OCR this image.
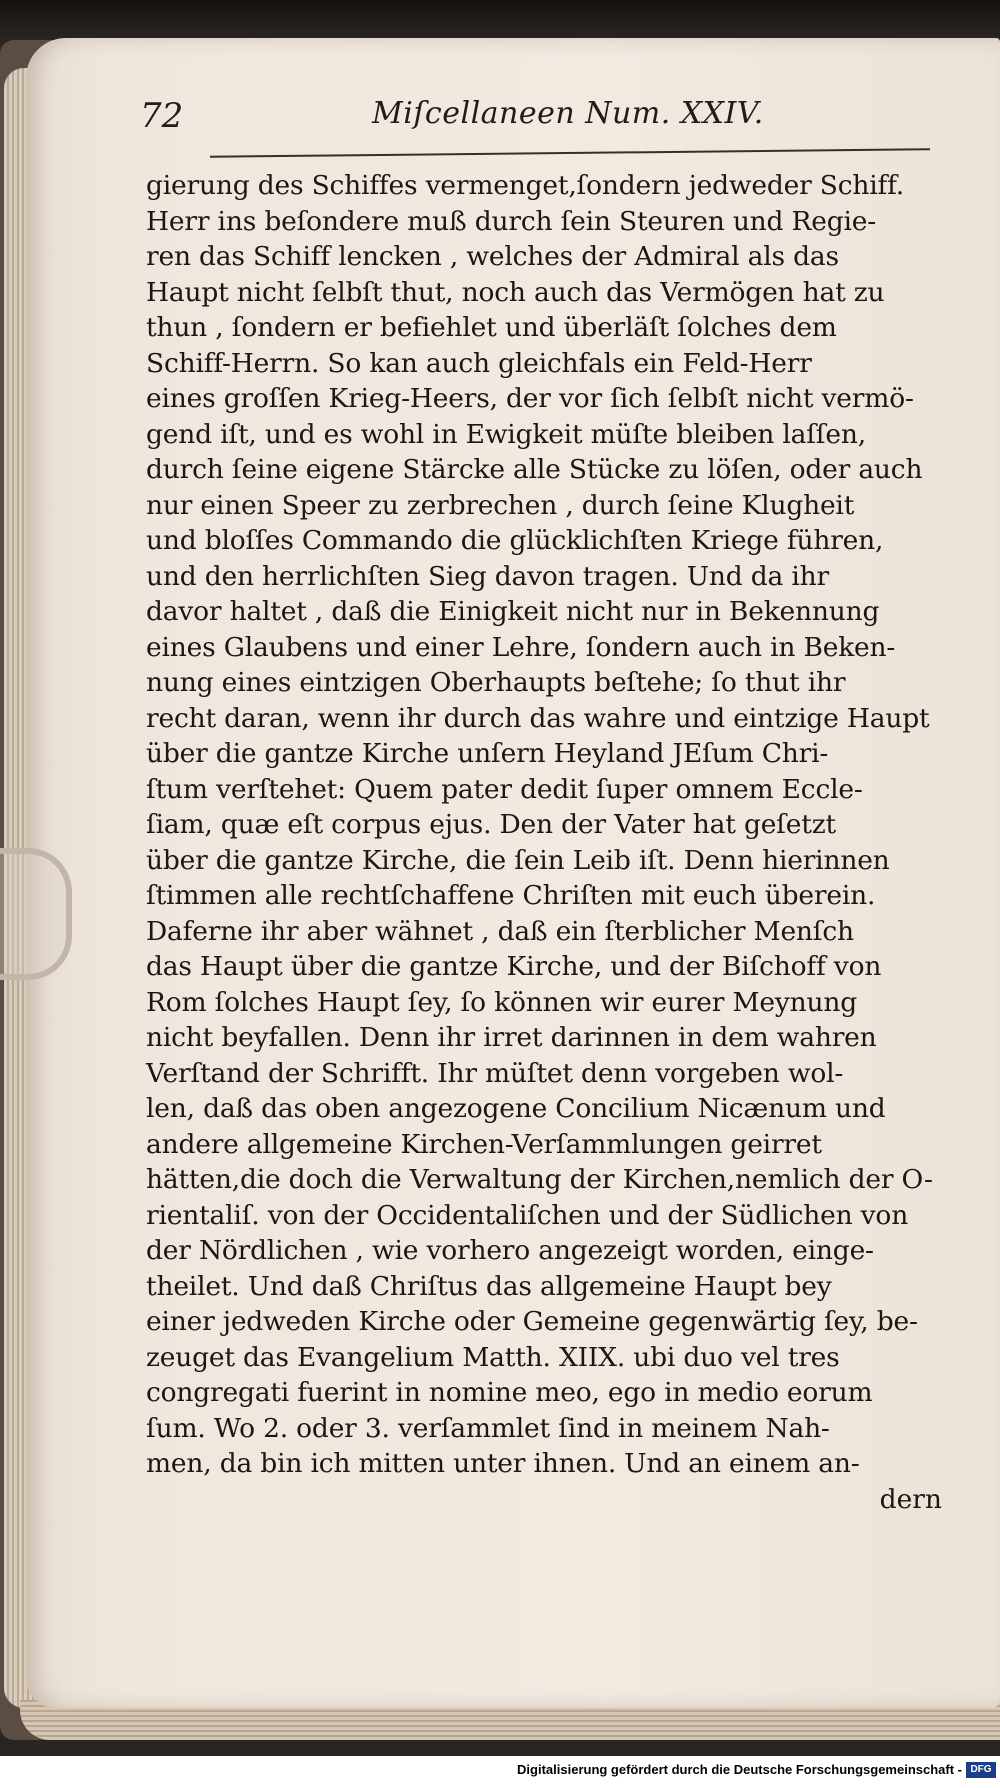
72	Miſcellaneen Num. XXIV.
gierung des Schiffes vermenget,ſondern jedweder Schiff.
Herr ins beſondere muß durch ſein Steuren und Regie-
ren das Schiff lencken , welches der Admiral als das
Haupt nicht ſelbſt thut, noch auch das Vermögen hat zu
thun , ſondern er befiehlet und überläſt ſolches dem
Schiff-Herrn. So kan auch gleichfals ein Feld-Herr
eines groſſen Krieg-Heers, der vor ſich ſelbſt nicht vermö-
gend iſt, und es wohl in Ewigkeit müſte bleiben laſſen,
durch ſeine eigene Stärcke alle Stücke zu löſen, oder auch
nur einen Speer zu zerbrechen , durch ſeine Klugheit
und bloſſes Commando die glücklichſten Kriege führen,
und den herrlichſten Sieg davon tragen. Und da ihr
davor haltet , daß die Einigkeit nicht nur in Bekennung
eines Glaubens und einer Lehre, ſondern auch in Beken-
nung eines eintzigen Oberhaupts beſtehe; ſo thut ihr
recht daran, wenn ihr durch das wahre und eintzige Haupt
über die gantze Kirche unſern Heyland JEſum Chri-
ſtum verſtehet: Quem pater dedit ſuper omnem Eccle-
ſiam, quæ eſt corpus ejus. Den der Vater hat geſetzt
über die gantze Kirche, die ſein Leib iſt. Denn hierinnen
ſtimmen alle rechtſchaffene Chriſten mit euch überein.
Daferne ihr aber wähnet , daß ein ſterblicher Menſch
das Haupt über die gantze Kirche, und der Biſchoff von
Rom ſolches Haupt ſey, ſo können wir eurer Meynung
nicht beyfallen. Denn ihr irret darinnen in dem wahren
Verſtand der Schrifft. Ihr müſtet denn vorgeben wol-
len, daß das oben angezogene Concilium Nicænum und
andere allgemeine Kirchen-Verſammlungen geirret
hätten,die doch die Verwaltung der Kirchen,nemlich der O-
rientaliſ. von der Occidentaliſchen und der Südlichen von
der Nördlichen , wie vorhero angezeigt worden, einge-
theilet. Und daß Chriſtus das allgemeine Haupt bey
einer jedweden Kirche oder Gemeine gegenwärtig ſey, be-
zeuget das Evangelium Matth. XIIX. ubi duo vel tres
congregati fuerint in nomine meo, ego in medio eorum
ſum. Wo 2. oder 3. verſammlet ſind in meinem Nah-
men, da bin ich mitten unter ihnen. Und an einem an-
dern
Digitalisierung gefördert durch die Deutsche Forschungsgemeinschaft - DFG
